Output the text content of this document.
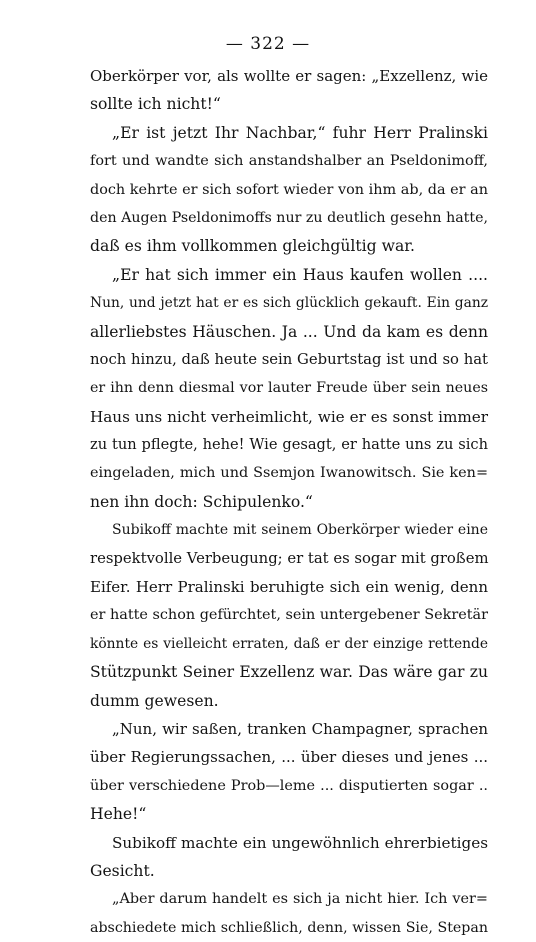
— 322 —
Oberkörper vor, als wollte er sagen: „Exzellenz, wie
sollte ich nicht!“
„Er ist jetzt Ihr Nachbar,“ fuhr Herr Pralinski
fort und wandte sich anstandshalber an Pseldonimoff,
doch kehrte er sich sofort wieder von ihm ab, da er an
den Augen Pseldonimoffs nur zu deutlich gesehn hatte,
daß es ihm vollkommen gleichgültig war.
„Er hat sich immer ein Haus kaufen wollen ....
Nun, und jetzt hat er es sich glücklich gekauft. Ein ganz
allerliebstes Häuschen. Ja ... Und da kam es denn
noch hinzu, daß heute sein Geburtstag ist und so hat
er ihn denn diesmal vor lauter Freude über sein neues
Haus uns nicht verheimlicht, wie er es sonst immer
zu tun pflegte, hehe! Wie gesagt, er hatte uns zu sich
eingeladen, mich und Ssemjon Iwanowitsch. Sie ken=
nen ihn doch: Schipulenko.“
Subikoff machte mit seinem Oberkörper wieder eine
respektvolle Verbeugung; er tat es sogar mit großem
Eifer. Herr Pralinski beruhigte sich ein wenig, denn
er hatte schon gefürchtet, sein untergebener Sekretär
könnte es vielleicht erraten, daß er der einzige rettende
Stützpunkt Seiner Exzellenz war. Das wäre gar zu
dumm gewesen.
„Nun, wir saßen, tranken Champagner, sprachen
über Regierungssachen, ... über dieses und jenes ...
über verschiedene Prob—leme ... disputierten sogar ..
Hehe!“
Subikoff machte ein ungewöhnlich ehrerbietiges
Gesicht.
„Aber darum handelt es sich ja nicht hier. Ich ver=
abschiedete mich schließlich, denn, wissen Sie, Stepan
